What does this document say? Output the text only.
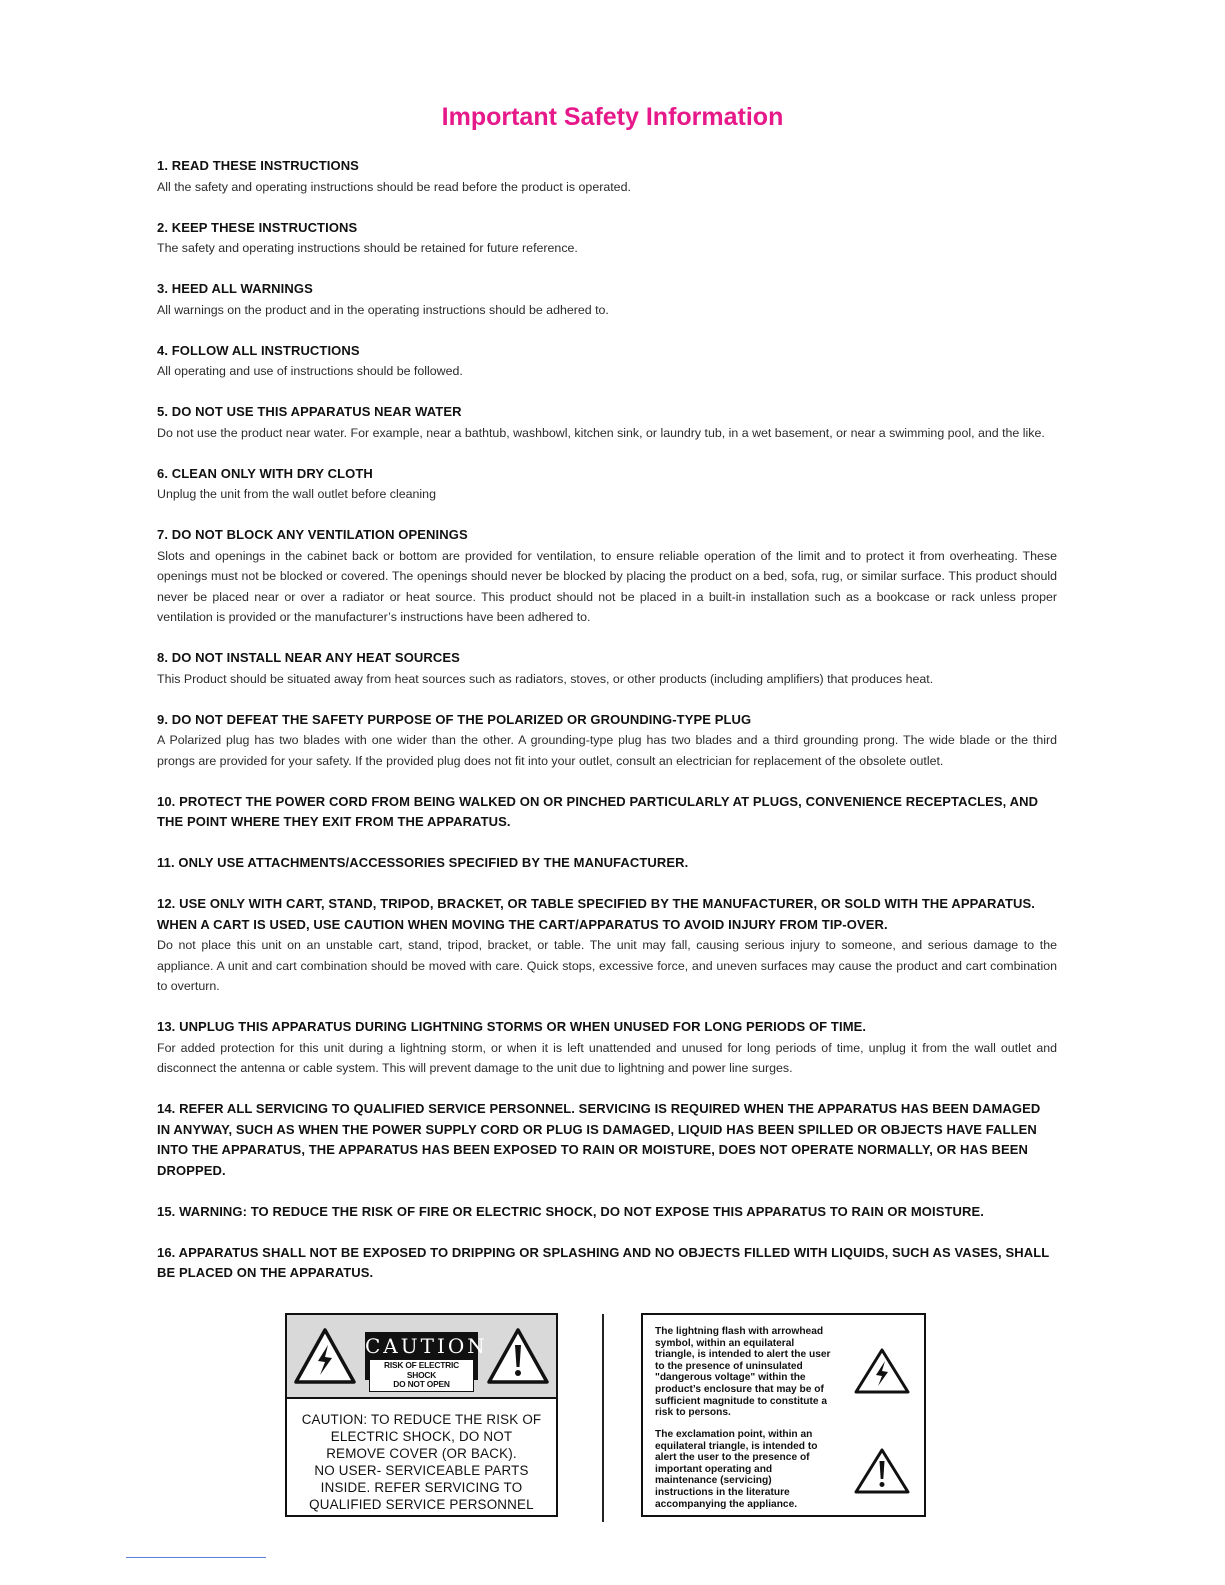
Important Safety Information

1. READ THESE INSTRUCTIONS

All the safety and operating instructions should be read before the product is operated.

2. KEEP THESE INSTRUCTIONS

The safety and operating instructions should be retained for future reference.

3. HEED ALL WARNINGS

All warnings on the product and in the operating instructions should be adhered to.

4. FOLLOW ALL INSTRUCTIONS

All operating and use of instructions should be followed.

5. DO NOT USE THIS APPARATUS NEAR WATER

Do not use the product near water. For example, near a bathtub, washbowl, kitchen sink, or laundry tub, in a wet basement, or near a swimming pool, and the like.

6. CLEAN ONLY WITH DRY CLOTH

Unplug the unit from the wall outlet before cleaning

7. DO NOT BLOCK ANY VENTILATION OPENINGS

Slots and openings in the cabinet back or bottom are provided for ventilation, to ensure reliable operation of the limit and to protect it from overheating. These openings must not be blocked or covered. The openings should never be blocked by placing the product on a bed, sofa, rug, or similar surface. This product should never be placed near or over a radiator or heat source. This product should not be placed in a built-in installation such as a bookcase or rack unless proper ventilation is provided or the manufacturer’s instructions have been adhered to.

8. DO NOT INSTALL NEAR ANY HEAT SOURCES

This Product should be situated away from heat sources such as radiators, stoves, or other products (including amplifiers) that produces heat.

9. DO NOT DEFEAT THE SAFETY PURPOSE OF THE POLARIZED OR GROUNDING-TYPE PLUG

A Polarized plug has two blades with one wider than the other. A grounding-type plug has two blades and a third grounding prong. The wide blade or the third prongs are provided for your safety. If the provided plug does not fit into your outlet, consult an electrician for replacement of the obsolete outlet.

10. PROTECT THE POWER CORD FROM BEING WALKED ON OR PINCHED PARTICULARLY AT PLUGS, CONVENIENCE RECEPTACLES, AND THE POINT WHERE THEY EXIT FROM THE APPARATUS.

11. ONLY USE ATTACHMENTS/ACCESSORIES SPECIFIED BY THE MANUFACTURER.

12. USE ONLY WITH CART, STAND, TRIPOD, BRACKET, OR TABLE SPECIFIED BY THE MANUFACTURER, OR SOLD WITH THE APPARATUS. WHEN A CART IS USED, USE CAUTION WHEN MOVING THE CART/APPARATUS TO AVOID INJURY FROM TIP-OVER.

Do not place this unit on an unstable cart, stand, tripod, bracket, or table. The unit may fall, causing serious injury to someone, and serious damage to the appliance. A unit and cart combination should be moved with care. Quick stops, excessive force, and uneven surfaces may cause the product and cart combination to overturn.

13. UNPLUG THIS APPARATUS DURING LIGHTNING STORMS OR WHEN UNUSED FOR LONG PERIODS OF TIME.

For added protection for this unit during a lightning storm, or when it is left unattended and unused for long periods of time, unplug it from the wall outlet and disconnect the antenna or cable system. This will prevent damage to the unit due to lightning and power line surges.

14. REFER ALL SERVICING TO QUALIFIED SERVICE PERSONNEL. SERVICING IS REQUIRED WHEN THE APPARATUS HAS BEEN DAMAGED IN ANYWAY, SUCH AS WHEN THE POWER SUPPLY CORD OR PLUG IS DAMAGED, LIQUID HAS BEEN SPILLED OR OBJECTS HAVE FALLEN INTO THE APPARATUS, THE APPARATUS HAS BEEN EXPOSED TO RAIN OR MOISTURE, DOES NOT OPERATE NORMALLY, OR HAS BEEN DROPPED.

15. WARNING: TO REDUCE THE RISK OF FIRE OR ELECTRIC SHOCK, DO NOT EXPOSE THIS APPARATUS TO RAIN OR MOISTURE.

16. APPARATUS SHALL NOT BE EXPOSED TO DRIPPING OR SPLASHING AND NO OBJECTS FILLED WITH LIQUIDS, SUCH AS VASES, SHALL BE PLACED ON THE APPARATUS.

CAUTION
RISK OF ELECTRIC SHOCK
DO NOT OPEN
CAUTION: TO REDUCE THE RISK OF
ELECTRIC SHOCK, DO NOT
REMOVE COVER (OR BACK).
NO USER- SERVICEABLE PARTS
INSIDE. REFER SERVICING TO
QUALIFIED SERVICE PERSONNEL
The lightning flash with arrowhead
symbol, within an equilateral
triangle, is intended to alert the user
to the presence of uninsulated
"dangerous voltage" within the
product’s enclosure that may be of
sufficient magnitude to constitute a
risk to persons.
The exclamation point, within an
equilateral triangle, is intended to
alert the user to the presence of
important operating and
maintenance (servicing)
instructions in the literature
accompanying the appliance.
